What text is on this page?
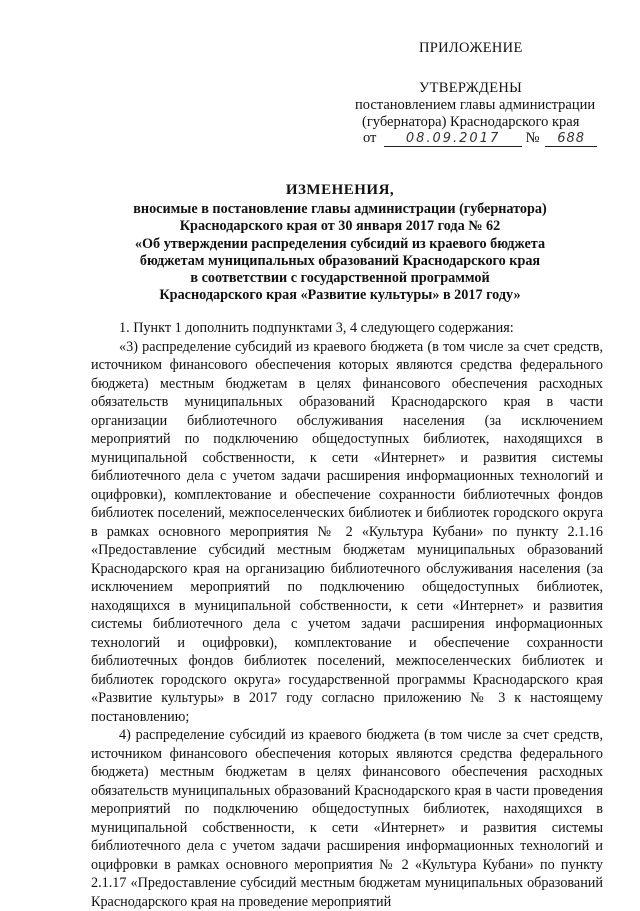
ПРИЛОЖЕНИЕ
УТВЕРЖДЕНЫ
постановлением главы администрации
(губернатора) Краснодарского края
от 08.09.2017 № 688
ИЗМЕНЕНИЯ,
вносимые в постановление главы администрации (губернатора)
Краснодарского края от 30 января 2017 года № 62
«Об утверждении распределения субсидий из краевого бюджета
бюджетам муниципальных образований Краснодарского края
в соответствии с государственной программой
Краснодарского края «Развитие культуры» в 2017 году»

1. Пункт 1 дополнить подпунктами 3, 4 следующего содержания:

«3) распределение субсидий из краевого бюджета (в том числе за счет средств, источником финансового обеспечения которых являются средства федерального бюджета) местным бюджетам в целях финансового обеспечения расходных обязательств муниципальных образований Краснодарского края в части организации библиотечного обслуживания населения (за исключением мероприятий по подключению общедоступных библиотек, находящихся в муниципальной собственности, к сети «Интернет» и развития системы библиотечного дела с учетом задачи расширения информационных технологий и оцифровки), комплектование и обеспечение сохранности библиотечных фондов библиотек поселений, межпоселенческих библиотек и библиотек городского округа в рамках основного мероприятия № 2 «Культура Кубани» по пункту 2.1.16 «Предоставление субсидий местным бюджетам муниципальных образований Краснодарского края на организацию библиотечного обслуживания населения (за исключением мероприятий по подключению общедоступных библиотек, находящихся в муниципальной собственности, к сети «Интернет» и развития системы библиотечного дела с учетом задачи расширения информационных технологий и оцифровки), комплектование и обеспечение сохранности библиотечных фондов библиотек поселений, межпоселенческих библиотек и библиотек городского округа» государственной программы Краснодарского края «Развитие культуры» в 2017 году согласно приложению № 3 к настоящему постановлению;

4) распределение субсидий из краевого бюджета (в том числе за счет средств, источником финансового обеспечения которых являются средства федерального бюджета) местным бюджетам в целях финансового обеспечения расходных обязательств муниципальных образований Краснодарского края в части проведения мероприятий по подключению общедоступных библиотек, находящихся в муниципальной собственности, к сети «Интернет» и развития системы библиотечного дела с учетом задачи расширения информационных технологий и оцифровки в рамках основного мероприятия № 2 «Культура Кубани» по пункту 2.1.17 «Предоставление субсидий местным бюджетам муниципальных образований Краснодарского края на проведение мероприятий
